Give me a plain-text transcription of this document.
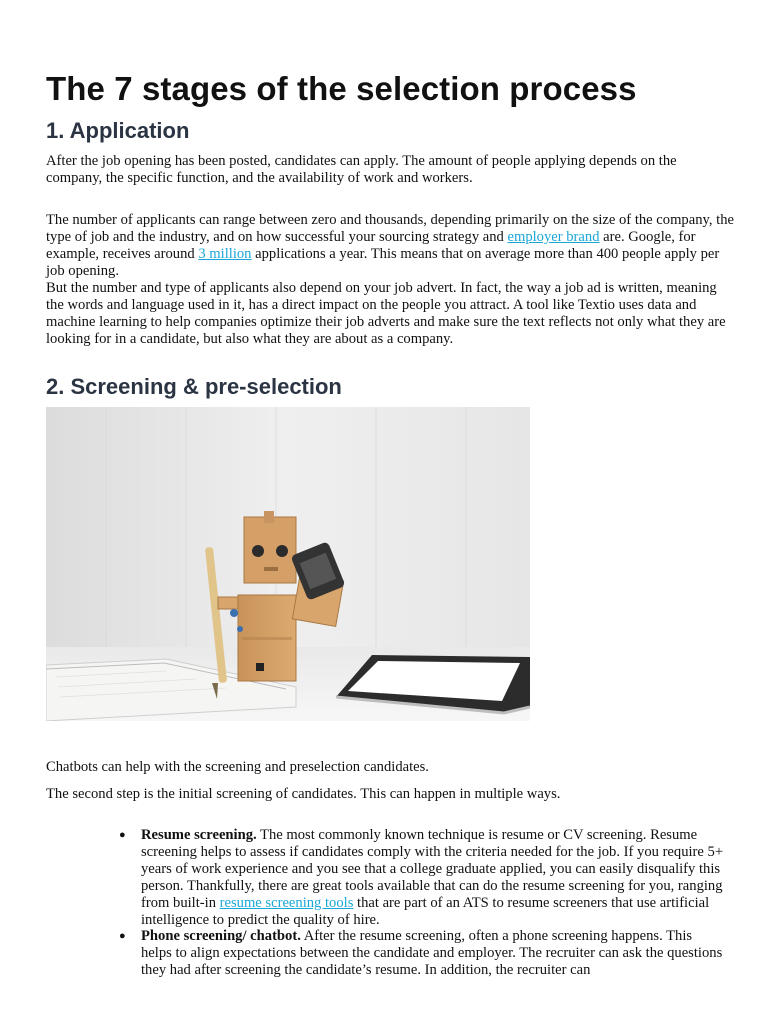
The 7 stages of the selection process
1. Application

After the job opening has been posted, candidates can apply. The amount of people applying depends on the company, the specific function, and the availability of work and workers.

The number of applicants can range between zero and thousands, depending primarily on the size of the company, the type of job and the industry, and on how successful your sourcing strategy and employer brand are. Google, for example, receives around 3 million applications a year. This means that on average more than 400 people apply per job opening.

But the number and type of applicants also depend on your job advert. In fact, the way a job ad is written, meaning the words and language used in it, has a direct impact on the people you attract. A tool like Textio uses data and machine learning to help companies optimize their job adverts and make sure the text reflects not only what they are looking for in a candidate, but also what they are about as a company.

2. Screening & pre-selection

Chatbots can help with the screening and preselection candidates.

The second step is the initial screening of candidates. This can happen in multiple ways.

● Resume screening. The most commonly known technique is resume or CV screening. Resume screening helps to assess if candidates comply with the criteria needed for the job. If you require 5+ years of work experience and you see that a college graduate applied, you can easily disqualify this person. Thankfully, there are great tools available that can do the resume screening for you, ranging from built-in resume screening tools that are part of an ATS to resume screeners that use artificial intelligence to predict the quality of hire.
● Phone screening/ chatbot. After the resume screening, often a phone screening happens. This helps to align expectations between the candidate and employer. The recruiter can ask the questions they had after screening the candidate’s resume. In addition, the recruiter can
